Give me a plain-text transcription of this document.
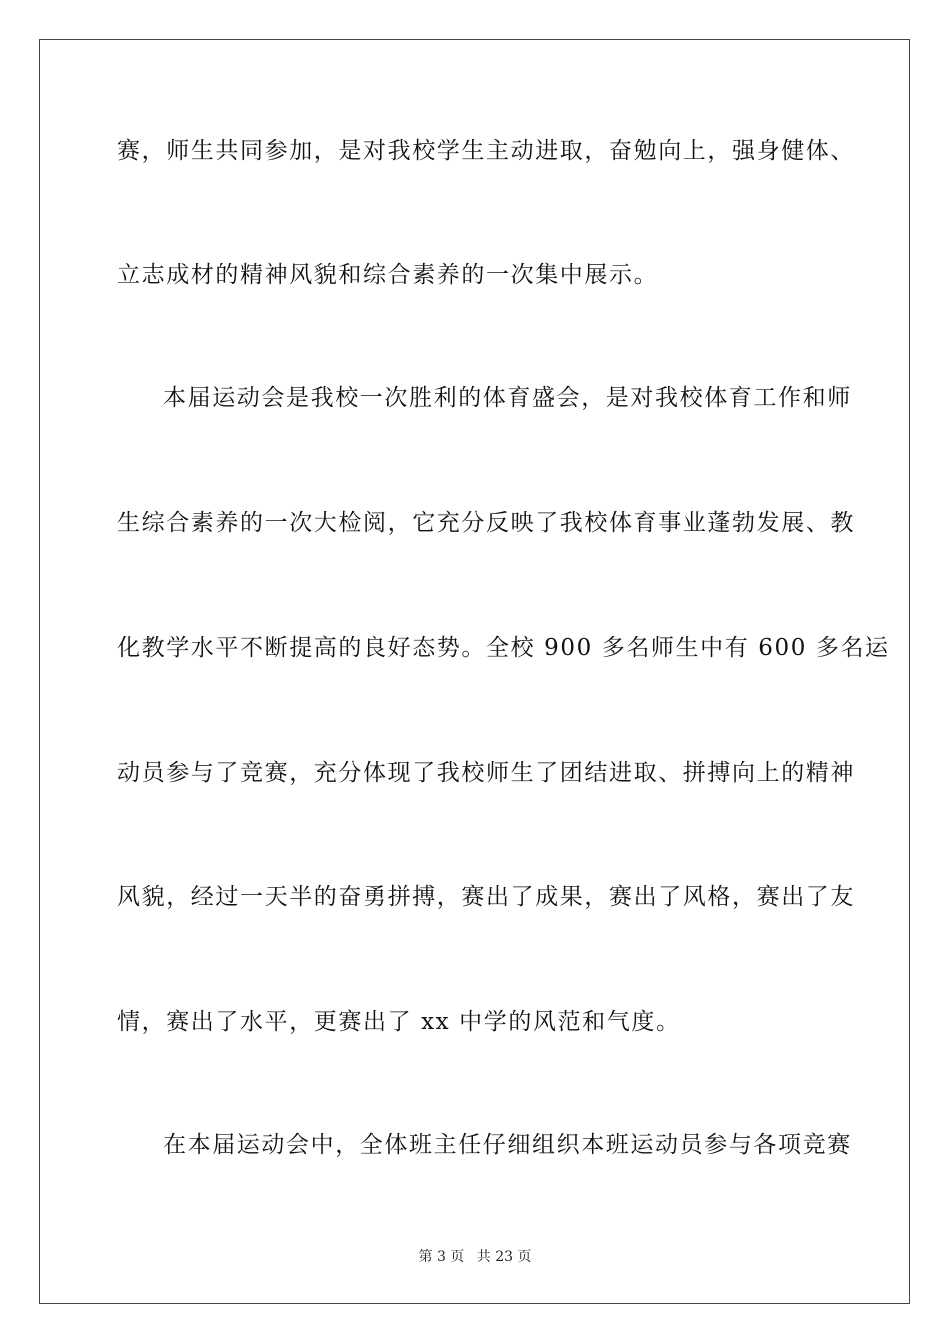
赛，师生共同参加，是对我校学生主动进取，奋勉向上，强身健体、
立志成材的精神风貌和综合素养的一次集中展示。
本届运动会是我校一次胜利的体育盛会，是对我校体育工作和师
生综合素养的一次大检阅，它充分反映了我校体育事业蓬勃发展、教
化教学水平不断提高的良好态势。全校 900 多名师生中有 600 多名运
动员参与了竞赛，充分体现了我校师生了团结进取、拼搏向上的精神
风貌，经过一天半的奋勇拼搏，赛出了成果，赛出了风格，赛出了友
情，赛出了水平，更赛出了 xx 中学的风范和气度。
在本届运动会中，全体班主任仔细组织本班运动员参与各项竞赛
第 3 页 共 23 页
